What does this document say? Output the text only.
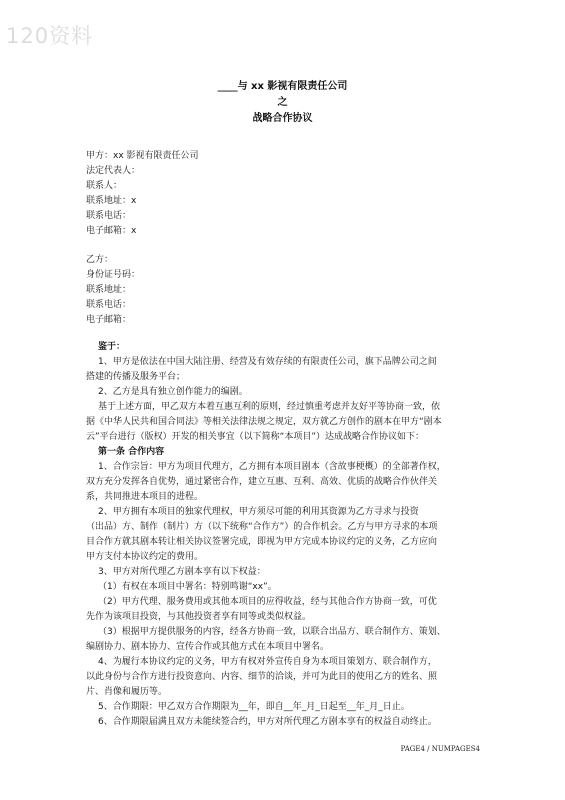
120资料
____与 xx 影视有限责任公司
之
战略合作协议
甲方：xx 影视有限责任公司
法定代表人：
联系人：
联系地址：x
联系电话：
电子邮箱：x
乙方：
身份证号码：
联系地址：
联系电话：
电子邮箱：
鉴于：
1、甲方是依法在中国大陆注册、经营及有效存续的有限责任公司，旗下品牌公司之间
搭建的传播及服务平台；
2、乙方是具有独立创作能力的编剧。
基于上述方面，甲乙双方本着互惠互利的原则，经过慎重考虑并友好平等协商一致，依
据《中华人民共和国合同法》等相关法律法规之规定，双方就乙方创作的剧本在甲方“剧本
云”平台进行（版权）开发的相关事宜（以下简称“本项目”）达成战略合作协议如下：
第一条 合作内容
1、合作宗旨：甲方为项目代理方，乙方拥有本项目剧本（含故事梗概）的全部著作权，
双方充分发挥各自优势，通过紧密合作，建立互惠、互利、高效、优质的战略合作伙伴关
系，共同推进本项目的进程。
2、甲方拥有本项目的独家代理权，甲方须尽可能的利用其资源为乙方寻求与投资
（出品）方、制作（制片）方（以下统称“合作方”）的合作机会。乙方与甲方寻求的本项
目合作方就其剧本转让相关协议签署完成，即视为甲方完成本协议约定的义务，乙方应向
甲方支付本协议约定的费用。
3、甲方对所代理乙方剧本享有以下权益：
（1）有权在本项目中署名：特别鸣谢“xx”。
（2）甲方代理、服务费用或其他本项目的应得收益，经与其他合作方协商一致，可优
先作为该项目投资，与其他投资者享有同等或类似权益。
（3）根据甲方提供服务的内容，经各方协商一致，以联合出品方、联合制作方、策划、
编剧协力、剧本协力、宣传合作或其他方式在本项目中署名。
4、为履行本协议约定的义务，甲方有权对外宣传自身为本项目策划方、联合制作方，
以此身份与合作方进行投资意向、内容、细节的洽谈，并可为此目的使用乙方的姓名、照
片、肖像和履历等。
5、合作期限：甲乙双方合作期限为__年，即自__年_月_日起至__年_月_日止。
6、合作期限届满且双方未能续签合约，甲方对所代理乙方剧本享有的权益自动终止。
PAGE4 / NUMPAGES4
